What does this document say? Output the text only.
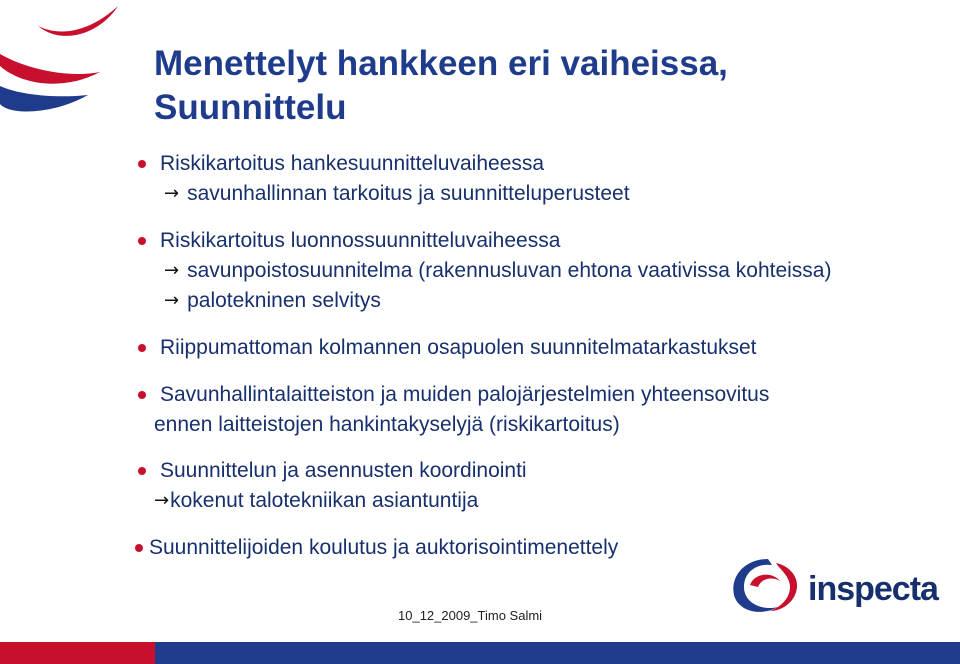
Menettelyt hankkeen eri vaiheissa,
Suunnittelu
Riskikartoitus hankesuunnitteluvaiheessa
→ savunhallinnan tarkoitus ja suunnitteluperusteet
Riskikartoitus luonnossuunnitteluvaiheessa
→ savunpoistosuunnitelma (rakennusluvan ehtona vaativissa kohteissa)
→ palotekninen selvitys
Riippumattoman kolmannen osapuolen suunnitelmatarkastukset
Savunhallintalaitteiston ja muiden palojärjestelmien yhteensovitus
ennen laitteistojen hankintakyselyjä (riskikartoitus)
Suunnittelun ja asennusten koordinointi
→ kokenut talotekniikan asiantuntija
Suunnittelijoiden koulutus ja auktorisointimenettely
inspecta
10_12_2009_Timo Salmi
